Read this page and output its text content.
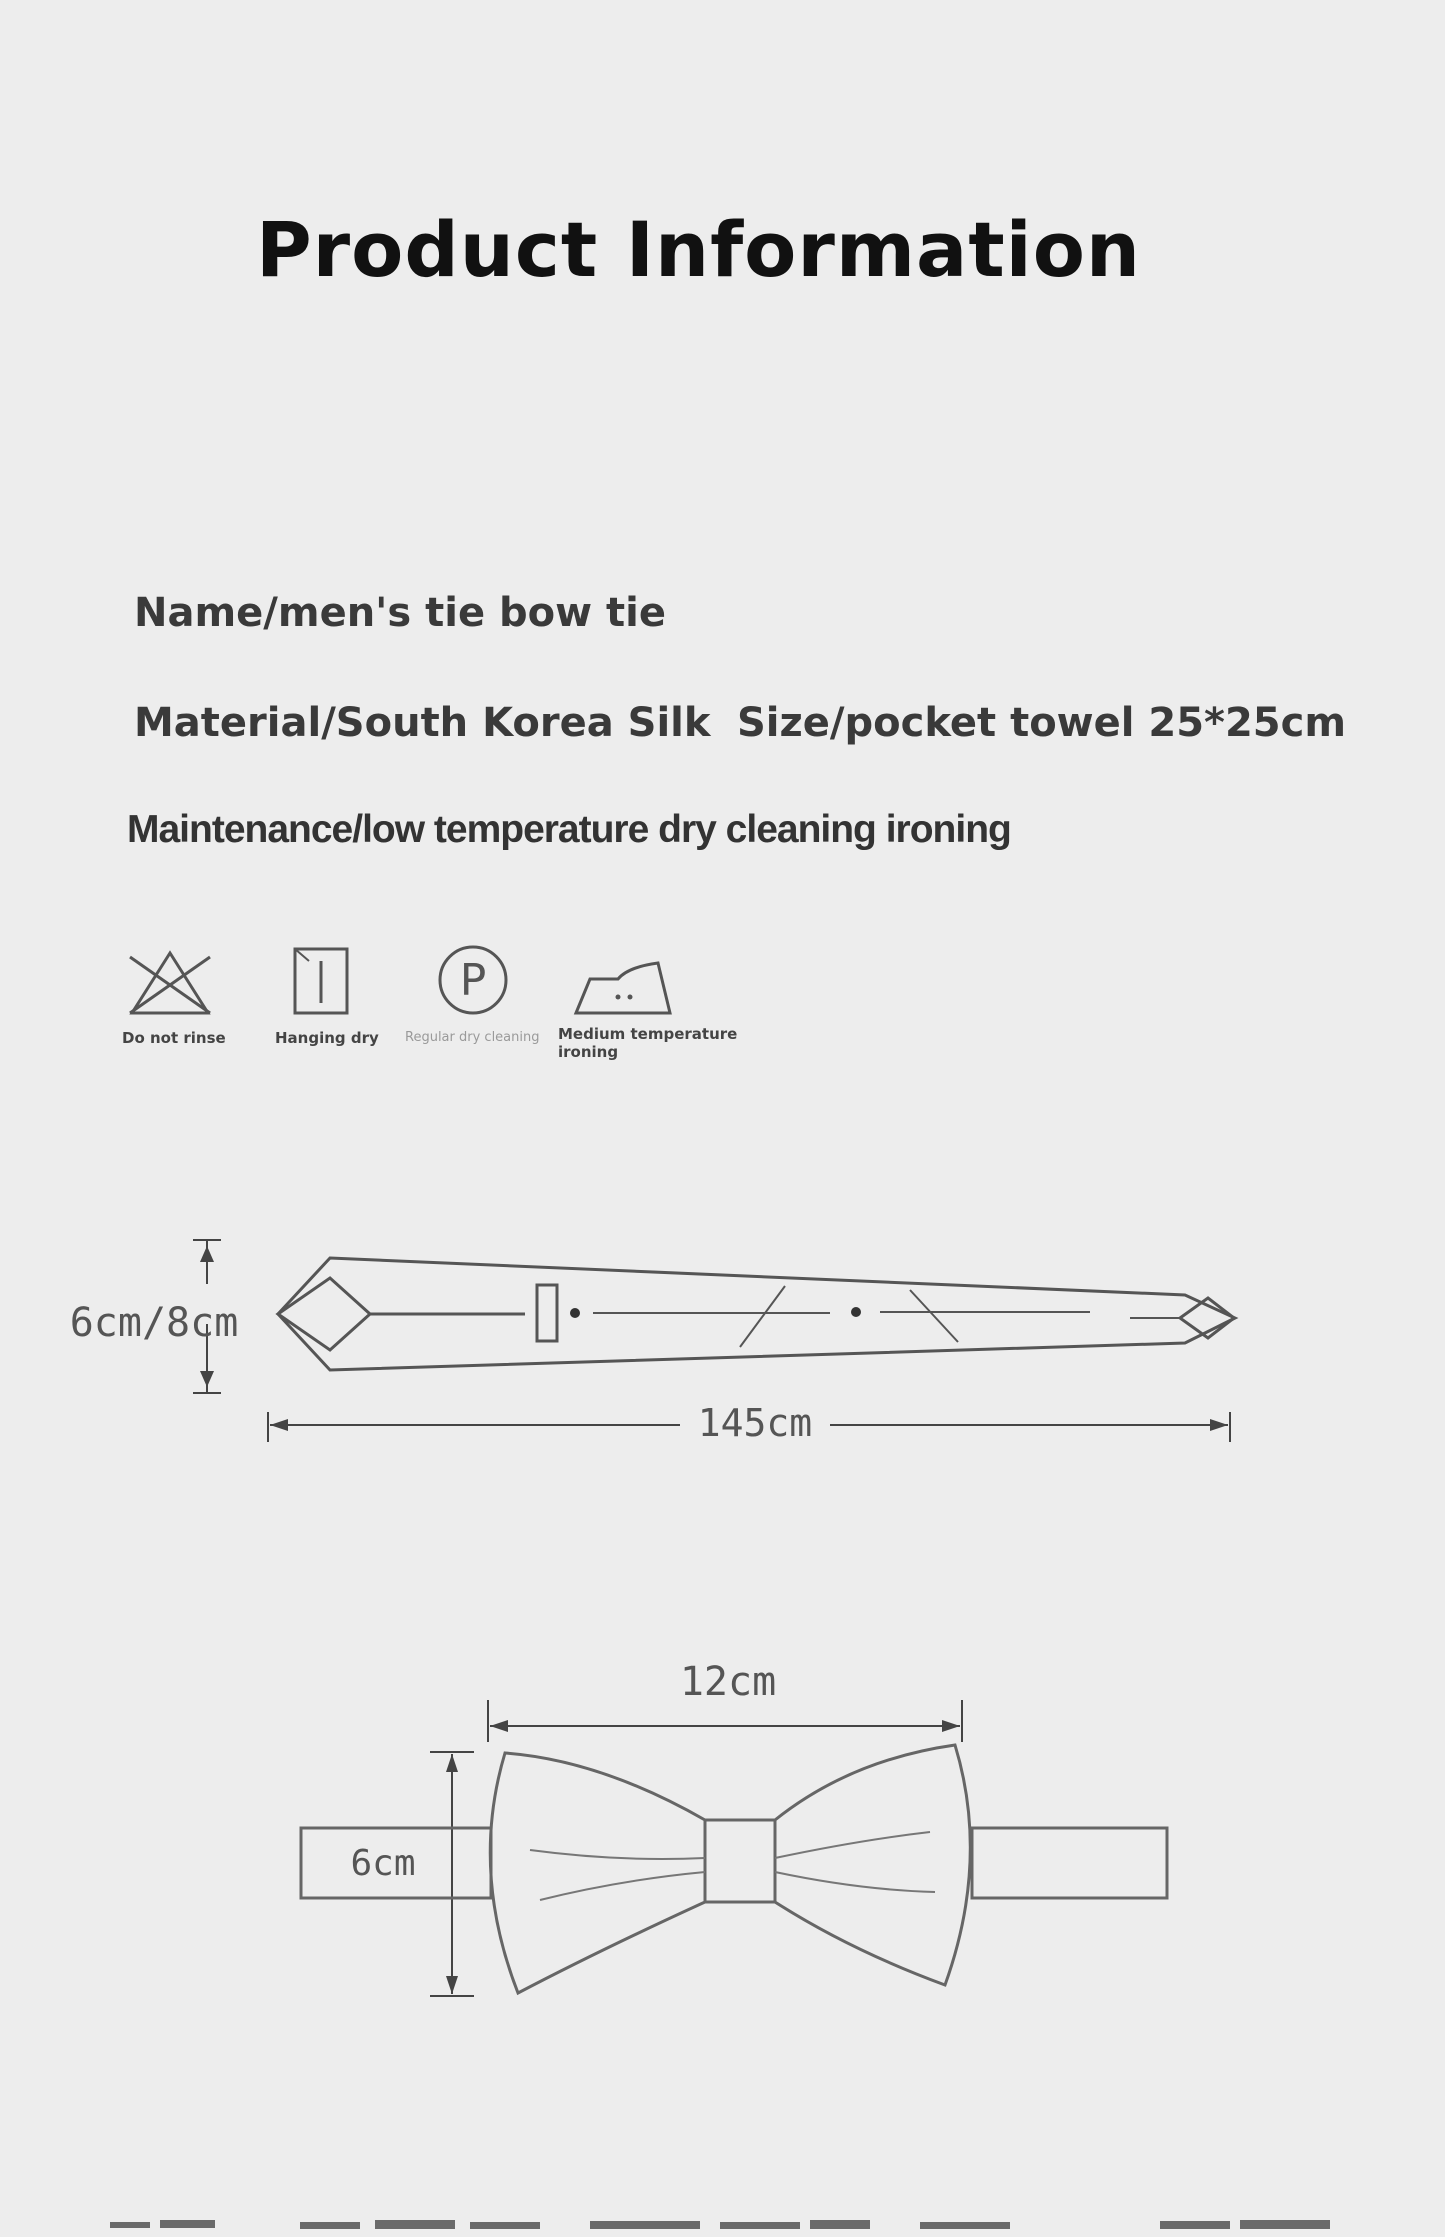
Product Information
Name/men's tie bow tie
Material/South Korea Silk Size/pocket towel 25*25cm
Maintenance/low temperature dry cleaning ironing
Do not rinse	Hanging dry
P
Regular dry cleaning Medium temperature ironing
6cm/8cm
145cm
12cm
6cm
